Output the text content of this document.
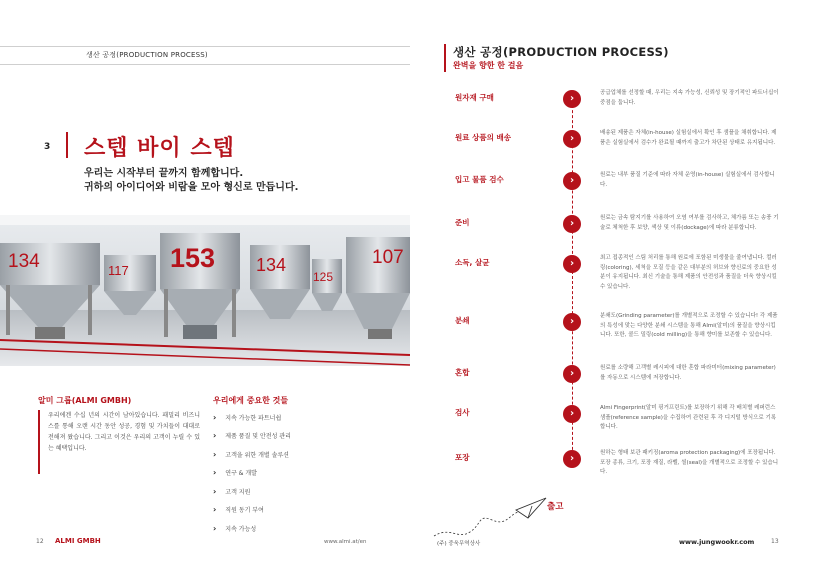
생산 공정(PRODUCTION PROCESS)
3 스텝 바이 스텝
우리는 시작부터 끝까지 함께합니다.
귀하의 아이디어와 비람을 모아 형신로 만듭니다.
134	117 153 134
125
107
알미 그룹(ALMI GMBH)
우리에겐 수십 년의 시간이 남아있습니다. 패밀리 비즈니스를 통해 오랜 시간 동안 성공, 경험 및 가치들이 대대로 전해져 왔습니다. 그리고 이것은 우리의 고객이 누릴 수 있는 혜택입니다.
우리에게 중요한 것들
› 지속 가능한 파트너쉽
› 제품 품질 및 안전성 관리
› 고객을 위한 개별 솔루션
› 연구 & 개발
› 고객 지원
› 직원 동기 부여
› 지속 가능성
12 ALMI GMBH	www.almi.at/en
생산 공정(PRODUCTION PROCESS)
완벽을 향한 한 걸음
원자재 구매	›	공급업체를 선정할 때, 우리는 지속 가능성, 신뢰성 및 장기적인 파트너십이 중점을 둡니다.
원료 상품의 배송	›	배송된 제품은 자체(in-house) 실험실에서 확인 후 샘플을 채취합니다. 제품은 실험실에서 검수가 완료될 때까지 출고가 차단된 상태로 유지됩니다.
입고 물품 검수	›	원료는 내부 품질 기준에 따라 자체 운영(in-house) 실험실에서 검사합니다.
준비	›	원료는 금속 탐지기를 사용하여 오염 여부를 검사하고, 체가름 또는 송풍 기술로 체척한 후 보양, 색상 및 이류(dockage)에 따라 분류합니다.
소독, 살균	›	최고 접종적인 스팀 처리를 통해 원료에 포함된 미생물을 줄여냅니다. 컬러링(coloring), 세척을 모질 등을 같은 대부분의 허브와 향신료의 중요한 성분이 유지됩니다. 최신 기술을 통해 제품의 안전성과 품질을 더욱 향상시킬 수 있습니다.
분쇄	›	분쇄도(Grinding parameter)를 개별적으로 조정할 수 있습니다! 각 제품의 특성에 맞는 다양한 분쇄 시스템을 통해 Almi(알미)의 품질을 향상시킵니다. 또한, 콜드 밀링(cold milling)을 통해 향미를 보존할 수 있습니다.
혼합	›	원료를 소량해 고객별 레시피에 대한 혼합 파라미터(mixing parameter)를 자동으로 시스템에 저장합니다.
검사	›	Almi Fingerprint(알미 핑거프린트)를 보장하기 위해 각 배치별 레퍼런스 샘플(reference sample)을 수집하여 관련된 후 각 디지털 방식으로 기록합니다.
포장	›	원하는 형태 보관 패키징(aroma protection packaging)에 포장됩니다. 포장 종류, 크기, 포장 재질, 라벨, 씰(seal)을 개별적으로 조정할 수 있습니다.
출고
(주) 중욱무역상사	www.jungwookr.com	13
